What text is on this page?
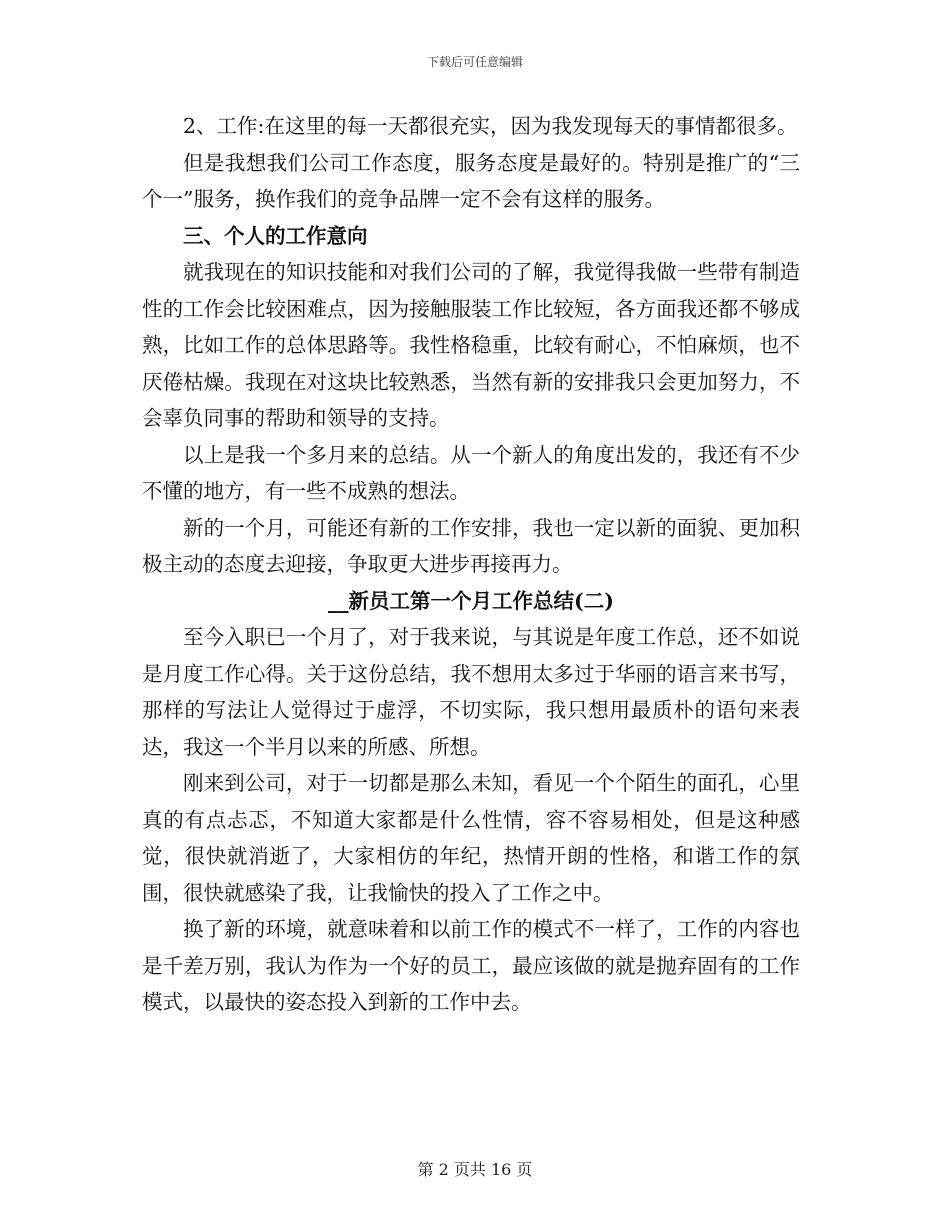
下载后可任意编辑

2、工作:在这里的每一天都很充实，因为我发现每天的事情都很多。

但是我想我们公司工作态度，服务态度是最好的。特别是推广的“三个一”服务，换作我们的竞争品牌一定不会有这样的服务。

三、个人的工作意向

就我现在的知识技能和对我们公司的了解，我觉得我做一些带有制造性的工作会比较困难点，因为接触服装工作比较短，各方面我还都不够成熟，比如工作的总体思路等。我性格稳重，比较有耐心，不怕麻烦，也不厌倦枯燥。我现在对这块比较熟悉，当然有新的安排我只会更加努力，不会辜负同事的帮助和领导的支持。

以上是我一个多月来的总结。从一个新人的角度出发的，我还有不少不懂的地方，有一些不成熟的想法。

新的一个月，可能还有新的工作安排，我也一定以新的面貌、更加积极主动的态度去迎接，争取更大进步再接再力。

__新员工第一个月工作总结(二)

至今入职已一个月了，对于我来说，与其说是年度工作总，还不如说是月度工作心得。关于这份总结，我不想用太多过于华丽的语言来书写，那样的写法让人觉得过于虚浮，不切实际，我只想用最质朴的语句来表达，我这一个半月以来的所感、所想。

刚来到公司，对于一切都是那么未知，看见一个个陌生的面孔，心里真的有点忐忑，不知道大家都是什么性情，容不容易相处，但是这种感觉，很快就消逝了，大家相仿的年纪，热情开朗的性格，和谐工作的氛围，很快就感染了我，让我愉快的投入了工作之中。

换了新的环境，就意味着和以前工作的模式不一样了，工作的内容也是千差万别，我认为作为一个好的员工，最应该做的就是抛弃固有的工作模式，以最快的姿态投入到新的工作中去。

第 2 页共 16 页
